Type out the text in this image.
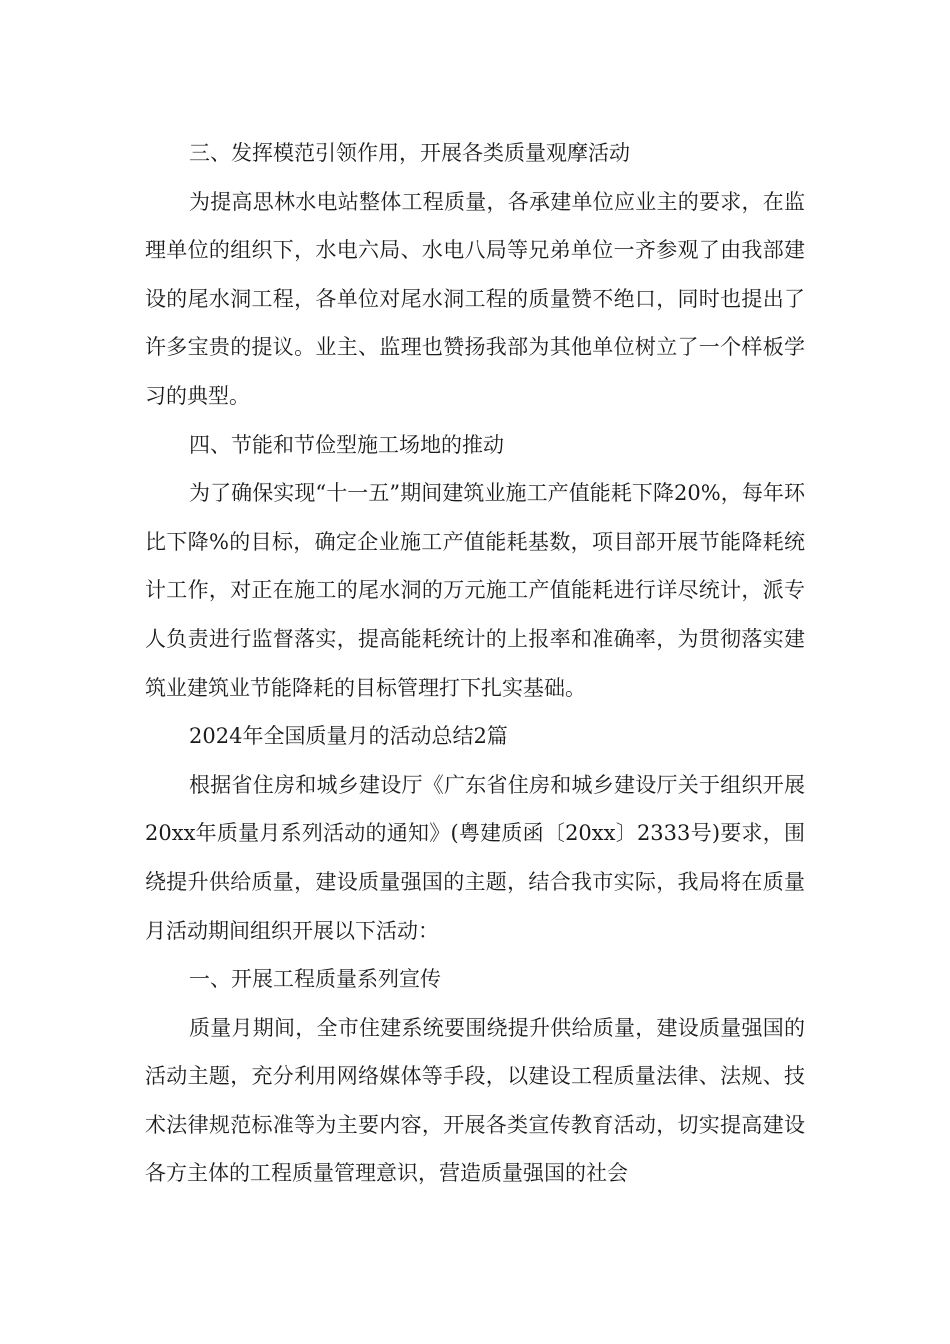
三、发挥模范引领作用，开展各类质量观摩活动

为提高思林水电站整体工程质量，各承建单位应业主的要求，在监理单位的组织下，水电六局、水电八局等兄弟单位一齐参观了由我部建设的尾水洞工程，各单位对尾水洞工程的质量赞不绝口，同时也提出了许多宝贵的提议。业主、监理也赞扬我部为其他单位树立了一个样板学习的典型。

四、节能和节俭型施工场地的推动

为了确保实现“十一五”期间建筑业施工产值能耗下降20%，每年环比下降%的目标，确定企业施工产值能耗基数，项目部开展节能降耗统计工作，对正在施工的尾水洞的万元施工产值能耗进行详尽统计，派专人负责进行监督落实，提高能耗统计的上报率和准确率，为贯彻落实建筑业建筑业节能降耗的目标管理打下扎实基础。

2024年全国质量月的活动总结2篇

根据省住房和城乡建设厅《广东省住房和城乡建设厅关于组织开展20xx年质量月系列活动的通知》(粤建质函〔20xx〕2333号)要求，围绕提升供给质量，建设质量强国的主题，结合我市实际，我局将在质量月活动期间组织开展以下活动：

一、开展工程质量系列宣传

质量月期间，全市住建系统要围绕提升供给质量，建设质量强国的活动主题，充分利用网络媒体等手段，以建设工程质量法律、法规、技术法律规范标准等为主要内容，开展各类宣传教育活动，切实提高建设各方主体的工程质量管理意识，营造质量强国的社会
